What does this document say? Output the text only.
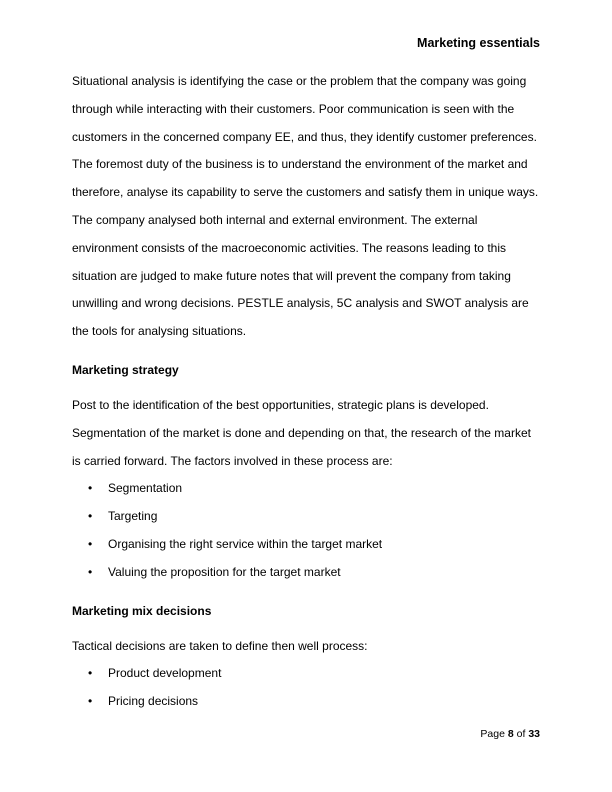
Marketing essentials

Situational analysis is identifying the case or the problem that the company was going
through while interacting with their customers. Poor communication is seen with the
customers in the concerned company EE, and thus, they identify customer preferences.
The foremost duty of the business is to understand the environment of the market and
therefore, analyse its capability to serve the customers and satisfy them in unique ways.
The company analysed both internal and external environment. The external
environment consists of the macroeconomic activities. The reasons leading to this
situation are judged to make future notes that will prevent the company from taking
unwilling and wrong decisions. PESTLE analysis, 5C analysis and SWOT analysis are
the tools for analysing situations.

Marketing strategy

Post to the identification of the best opportunities, strategic plans is developed.
Segmentation of the market is done and depending on that, the research of the market
is carried forward. The factors involved in these process are:

• Segmentation
• Targeting
• Organising the right service within the target market
• Valuing the proposition for the target market

Marketing mix decisions

Tactical decisions are taken to define then well process:

• Product development
• Pricing decisions
Page 8 of 33
